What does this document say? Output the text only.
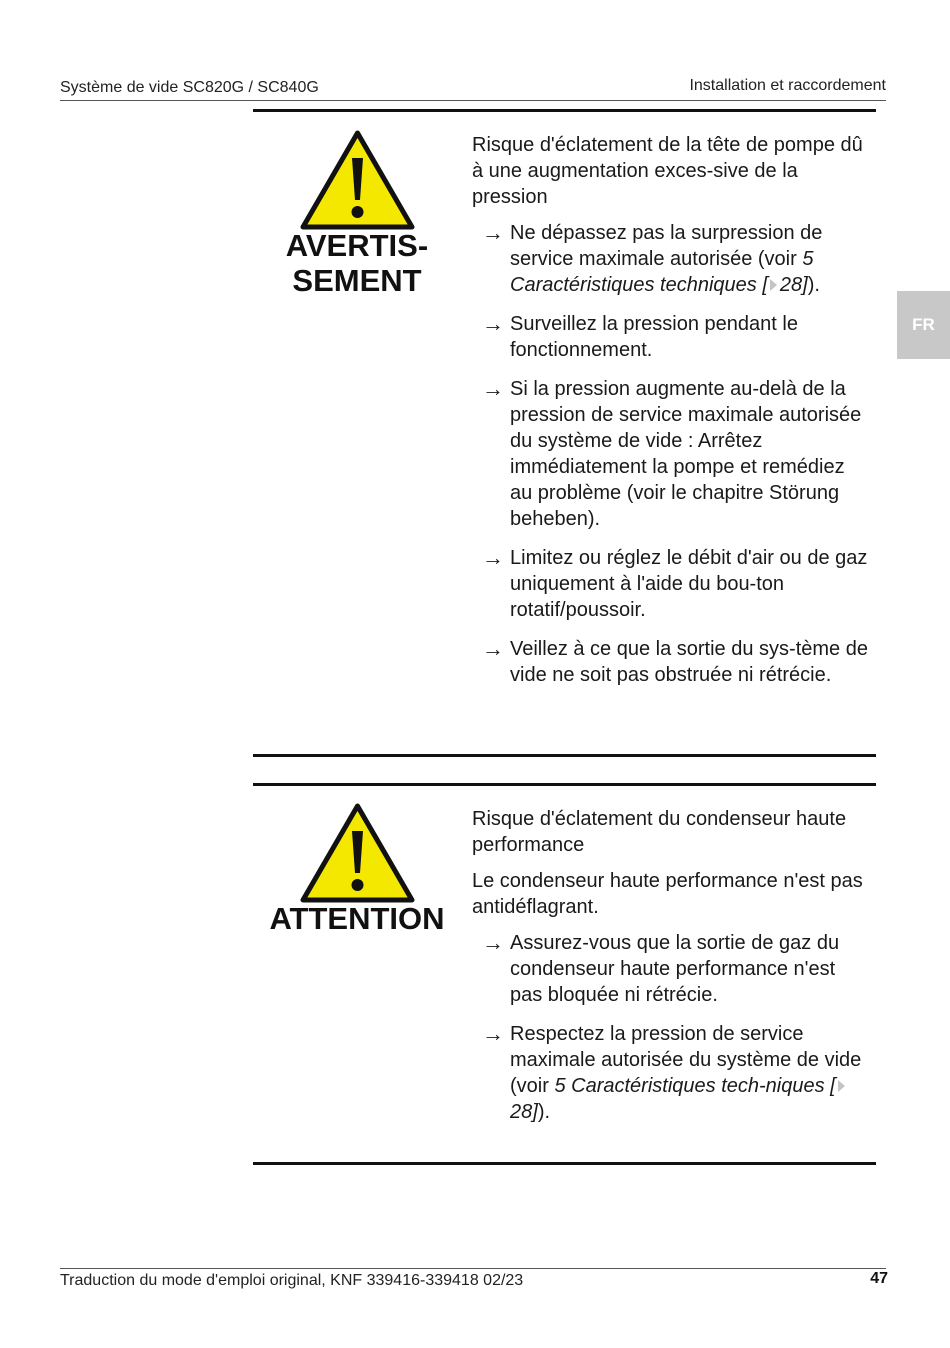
Système de vide SC820G / SC840G	Installation et raccordement
FR
AVERTIS-
SEMENT

Risque d'éclatement de la tête de pompe dû à une augmentation exces-sive de la pression

→ Ne dépassez pas la surpression de service maximale autorisée (voir 5 Caractéristiques techniques [ 28]).
→ Surveillez la pression pendant le fonctionnement.
→ Si la pression augmente au-delà de la pression de service maximale autorisée du système de vide : Arrêtez immédiatement la pompe et remédiez au problème (voir le chapitre Störung beheben).
→ Limitez ou réglez le débit d'air ou de gaz uniquement à l'aide du bou-ton rotatif/poussoir.
→ Veillez à ce que la sortie du sys-tème de vide ne soit pas obstruée ni rétrécie.
ATTENTION

Risque d'éclatement du condenseur haute performance

Le condenseur haute performance n'est pas antidéflagrant.

→ Assurez-vous que la sortie de gaz du condenseur haute performance n'est pas bloquée ni rétrécie.
→ Respectez la pression de service maximale autorisée du système de vide (voir 5 Caractéristiques tech-niques [28]).
Traduction du mode d'emploi original, KNF 339416-339418 02/23	47
